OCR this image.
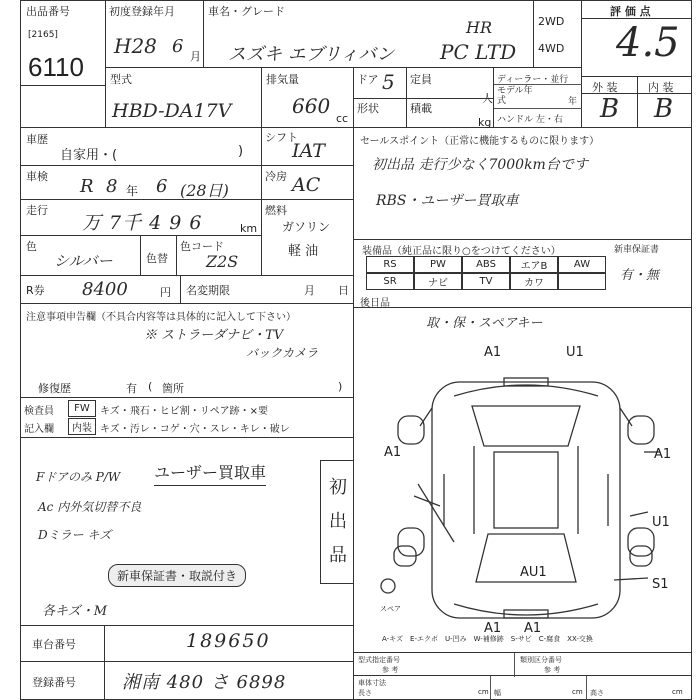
出品番号
[2165]
6110
初度登録年月
H28 6 月
車名・グレード
HR
スズキ エブリィバン PC LTD
2WD
4WD
評 価 点
4.5
外 装	内 装
B B
型式
HBD-DA17V
排気量
660
cc
ドア 5 定員
人
形状	積載
kg
ディーラー・並行
モデル年式	年
ハンドル 左・右
車歴
自家用・(	)
車検 R 8 年 6 (28日)
走行
万 7千 4 9 6	km
色
シルバー	色替
色コード
Z2S
シフト
IAT
冷房 AC
燃料
ガソリン
軽 油
R券 8400	円 名変期限	月 日
注意事項申告欄（不具合内容等は具体的に記入して下さい）
※ ストラーダナビ・TV
バックカメラ
修復歴	有 ( 箇所	)
検査員
記入欄
FW	キズ・飛石・ヒビ割・リペア跡・×要
内装 キズ・汚レ・コゲ・穴・スレ・キレ・破レ
ユーザー買取車
Fドアのみ P/W
Ac 内外気切替不良
Dミラー キズ
初出品
新車保証書・取説付き
各キズ・M
セールスポイント（正常に機能するものに限ります）
初出品 走行少なく7000km台です
RBS・ユーザー買取車
装備品（純正品に限り○をつけてください）	新車保証書
有・無
RS	PW	ABS	エアB	AW
SR	ナビ	TV	カワ
後日品
取・保・スペアキー
A1	U1
A1	A1
U1
S1
AU1
A1 A1
スペア
A-キズ　E-エクボ　U-凹み　W-補修跡　S-サビ　C-腐食　XX-交換
車台番号	189650
登録番号	湘南 480 さ 6898
型式指定番号
参 考
類別区分番号
参 考
車体寸法
長さ	cm 幅	cm 高さ	cm
